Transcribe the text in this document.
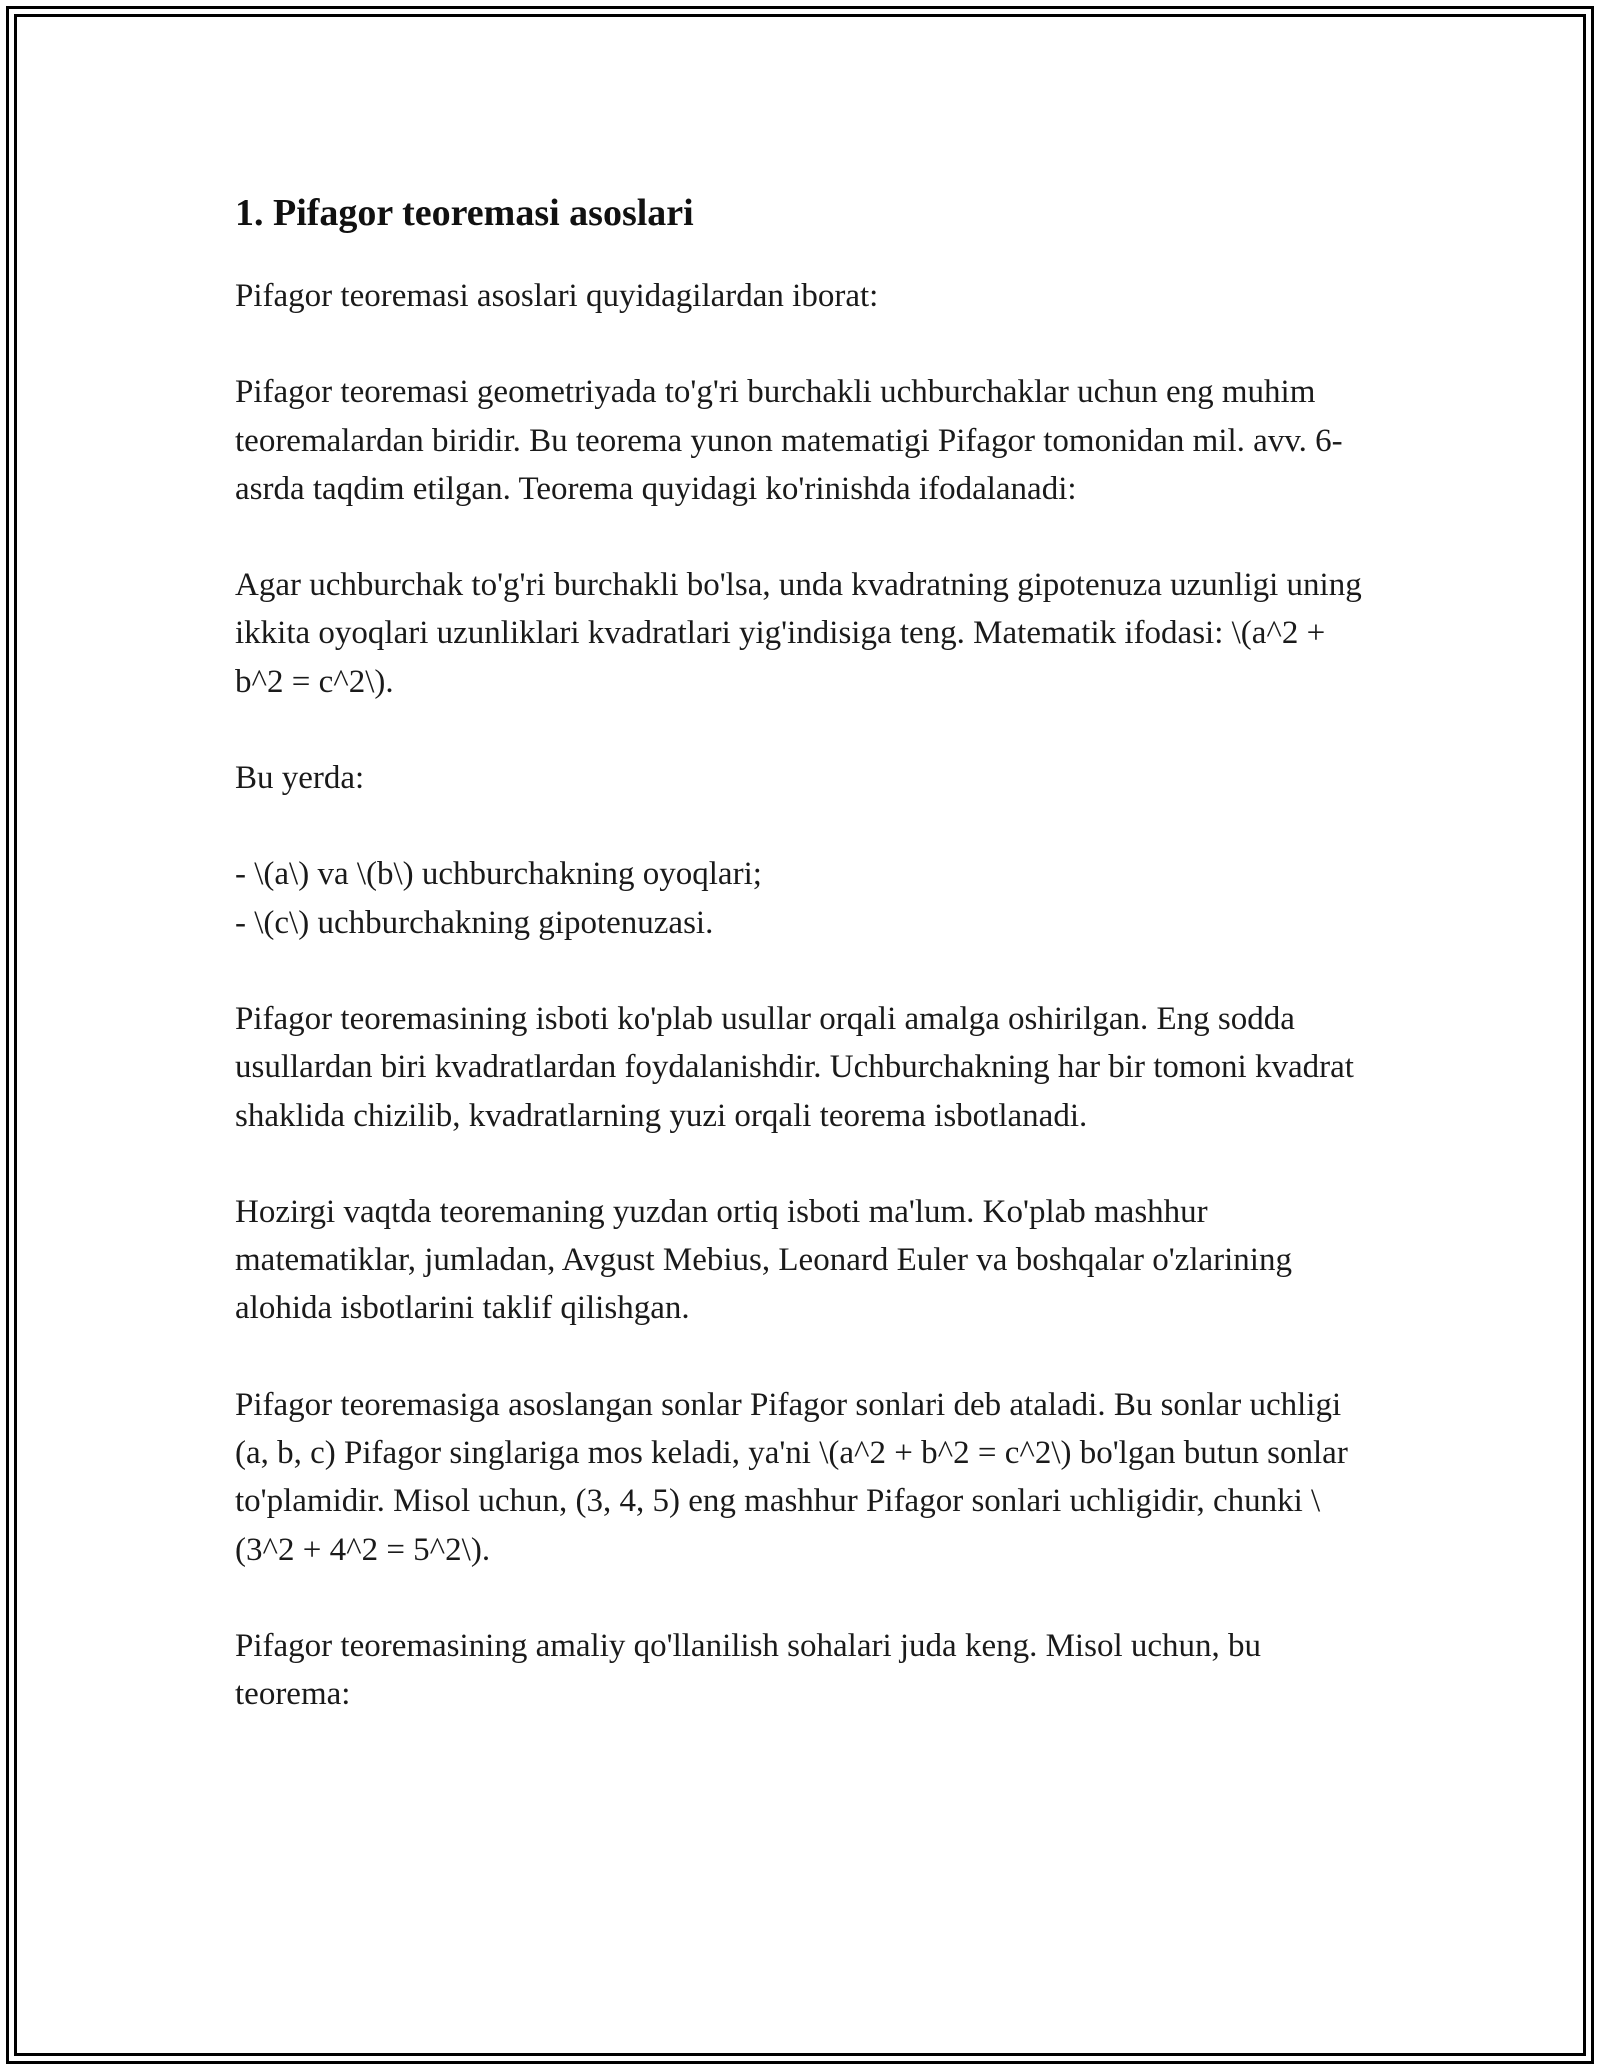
1. Pifagor teoremasi asoslari

Pifagor teoremasi asoslari quyidagilardan iborat:

Pifagor teoremasi geometriyada to'g'ri burchakli uchburchaklar uchun eng muhim teoremalardan biridir. Bu teorema yunon matematigi Pifagor tomonidan mil. avv. 6-asrda taqdim etilgan. Teorema quyidagi ko'rinishda ifodalanadi:

Agar uchburchak to'g'ri burchakli bo'lsa, unda kvadratning gipotenuza uzunligi uning ikkita oyoqlari uzunliklari kvadratlari yig'indisiga teng. Matematik ifodasi: \(a^2 + b^2 = c^2\).

Bu yerda:

- \(a\) va \(b\) uchburchakning oyoqlari;
- \(c\) uchburchakning gipotenuzasi.

Pifagor teoremasining isboti ko'plab usullar orqali amalga oshirilgan. Eng sodda usullardan biri kvadratlardan foydalanishdir. Uchburchakning har bir tomoni kvadrat shaklida chizilib, kvadratlarning yuzi orqali teorema isbotlanadi.

Hozirgi vaqtda teoremaning yuzdan ortiq isboti ma'lum. Ko'plab mashhur matematiklar, jumladan, Avgust Mebius, Leonard Euler va boshqalar o'zlarining alohida isbotlarini taklif qilishgan.

Pifagor teoremasiga asoslangan sonlar Pifagor sonlari deb ataladi. Bu sonlar uchligi (a, b, c) Pifagor singlariga mos keladi, ya'ni \(a^2 + b^2 = c^2\) bo'lgan butun sonlar to'plamidir. Misol uchun, (3, 4, 5) eng mashhur Pifagor sonlari uchligidir, chunki \(3^2 + 4^2 = 5^2\).

Pifagor teoremasining amaliy qo'llanilish sohalari juda keng. Misol uchun, bu teorema:
